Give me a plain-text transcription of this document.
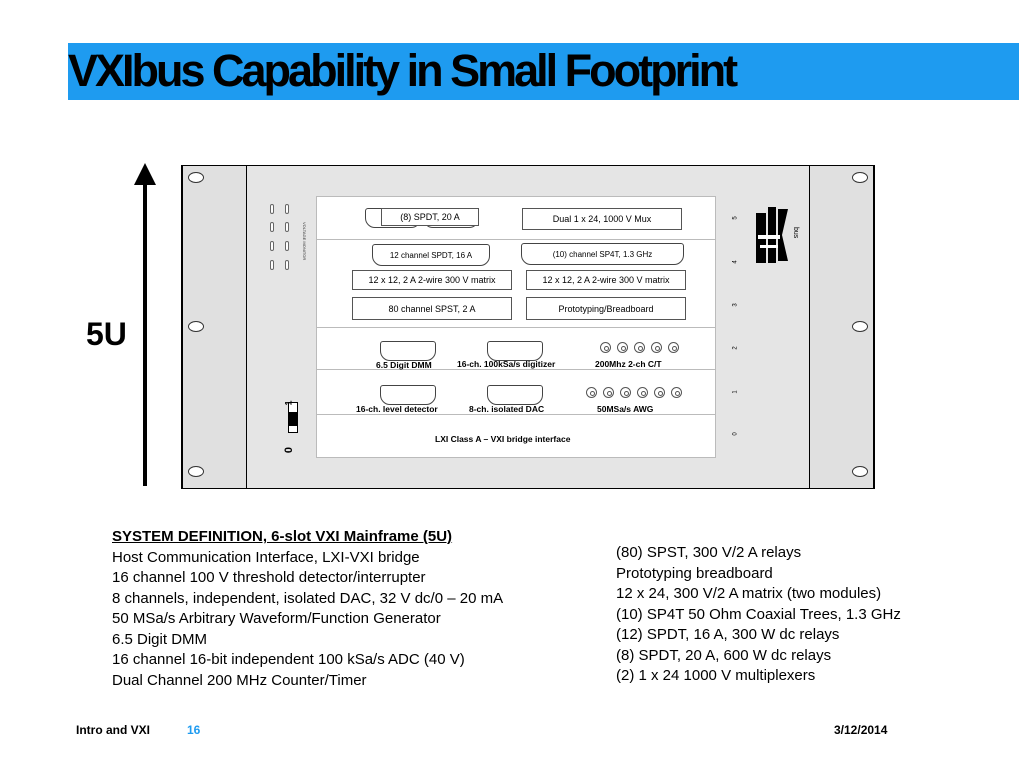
VXIbus Capability in Small Footprint
5U
VOLTAGE MONITOR
1
0
(8) SPDT, 20 A	Dual 1 x 24, 1000 V Mux
12 channel SPDT, 16 A	(10) channel SP4T, 1.3 GHz
12 x 12, 2 A 2-wire 300 V matrix	12 x 12, 2 A 2-wire 300 V matrix
80 channel SPST, 2 A	Prototyping/Breadboard
6.5 Digit DMM	16-ch. 100kSa/s digitizer	200Mhz 2-ch C/T
16-ch. level detector	8-ch. isolated DAC	50MSa/s AWG
LXI Class A – VXI bridge interface
5
4
3
2
1
0
bus
SYSTEM DEFINITION, 6-slot VXI Mainframe (5U)
Host Communication Interface, LXI-VXI bridge
16 channel 100 V threshold detector/interrupter
8 channels, independent, isolated DAC, 32 V dc/0 – 20 mA
50 MSa/s Arbitrary Waveform/Function Generator
6.5 Digit DMM
16 channel 16-bit independent 100 kSa/s ADC (40 V)
Dual Channel 200 MHz Counter/Timer
(80) SPST, 300 V/2 A relays
Prototyping breadboard
12 x 24, 300 V/2 A matrix (two modules)
(10) SP4T 50 Ohm Coaxial Trees, 1.3 GHz
(12) SPDT, 16 A, 300 W dc relays
(8) SPDT, 20 A, 600 W dc relays
(2) 1 x 24 1000 V multiplexers
Intro and VXI	16	3/12/2014
